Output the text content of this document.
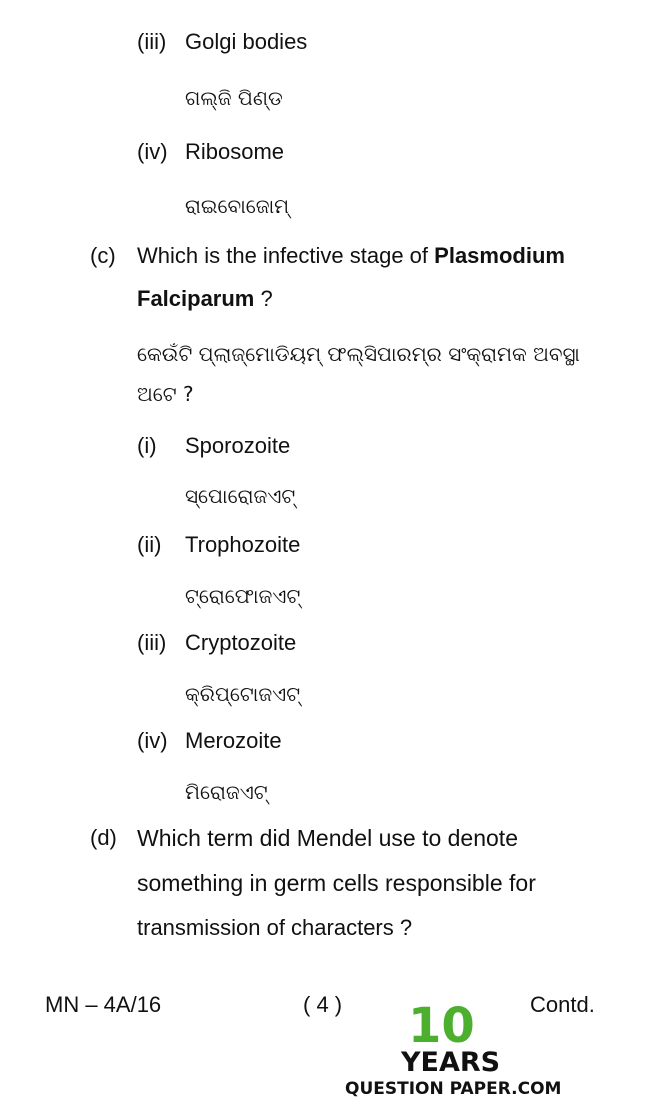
(iii) Golgi bodies
ଗଲ୍‌ଜି ପିଣ୍ଡ
(iv) Ribosome
ରାଇବୋଜୋମ୍
(c) Which is the infective stage of Plasmodium
Falciparum ?
କେଉଁଟି ପ୍ଲାଜ୍‌ମୋଡିୟମ୍ ଫଲ୍‌ସିପାରମ୍‌ର ସଂକ୍ରାମକ ଅବସ୍ଥା
ଅଟେ ?
(i) Sporozoite
ସ୍ପୋରୋଜଏଟ୍
(ii) Trophozoite
ଟ୍ରୋଫୋଜଏଟ୍
(iii) Cryptozoite
କ୍ରିପ୍ଟୋଜଏଟ୍
(iv) Merozoite
ମିରୋଜଏଟ୍
(d) Which term did Mendel use to denote
something in germ cells responsible for
transmission of characters ?
MN – 4A/16	( 4 )	Contd.
10
YEARS
QUESTION PAPER.COM
